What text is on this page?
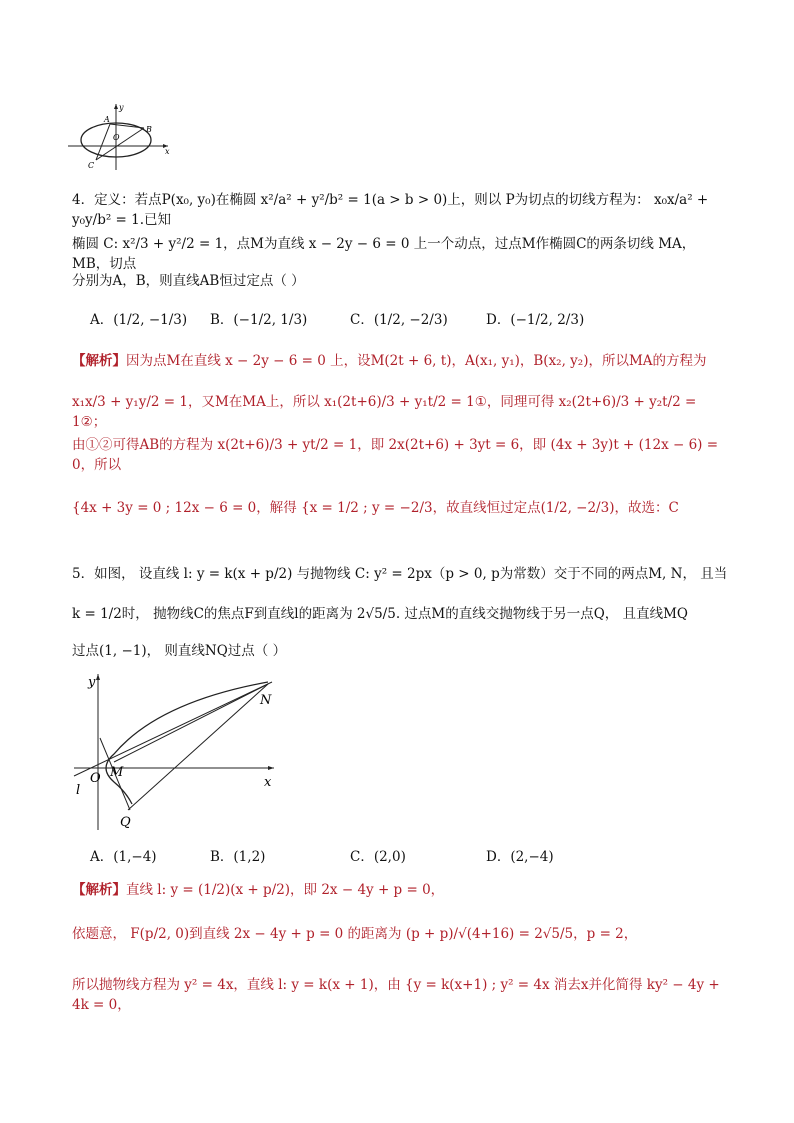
y
A
O
B
C
x
4．定义：若点P(x₀, y₀)在椭圆 x²/a² + y²/b² = 1(a > b > 0)上，则以 P为切点的切线方程为： x₀x/a² + y₀y/b² = 1.已知
椭圆 C: x²/3 + y²/2 = 1，点M为直线 x − 2y − 6 = 0 上一个动点，过点M作椭圆C的两条切线 MA，MB，切点
分别为A，B，则直线AB恒过定点（ ）
A．(1/2, −1/3) B．(−1/2, 1/3)	C．(1/2, −2/3)	D．(−1/2, 2/3)
【解析】因为点M在直线 x − 2y − 6 = 0 上，设M(2t + 6, t)，A(x₁, y₁)，B(x₂, y₂)，所以MA的方程为
x₁x/3 + y₁y/2 = 1，又M在MA上，所以 x₁(2t+6)/3 + y₁t/2 = 1①，同理可得 x₂(2t+6)/3 + y₂t/2 = 1②；
由①②可得AB的方程为 x(2t+6)/3 + yt/2 = 1，即 2x(2t+6) + 3yt = 6，即 (4x + 3y)t + (12x − 6) = 0，所以
{4x + 3y = 0 ; 12x − 6 = 0，解得 {x = 1/2 ; y = −2/3，故直线恒过定点(1/2, −2/3)，故选：C
5．如图， 设直线 l: y = k(x + p/2) 与抛物线 C: y² = 2px（p > 0, p为常数）交于不同的两点M, N， 且当
k = 1/2时， 抛物线C的焦点F到直线l的距离为 2√5/5. 过点M的直线交抛物线于另一点Q， 且直线MQ
过点(1, −1)， 则直线NQ过点（ ）
y
N
M
O	x
l
Q
A．(1,−4)	B．(1,2)	C．(2,0)	D．(2,−4)
【解析】直线 l: y = (1/2)(x + p/2)，即 2x − 4y + p = 0，
依题意， F(p/2, 0)到直线 2x − 4y + p = 0 的距离为 (p + p)/√(4+16) = 2√5/5，p = 2，
所以抛物线方程为 y² = 4x，直线 l: y = k(x + 1)，由 {y = k(x+1) ; y² = 4x 消去x并化简得 ky² − 4y + 4k = 0，
